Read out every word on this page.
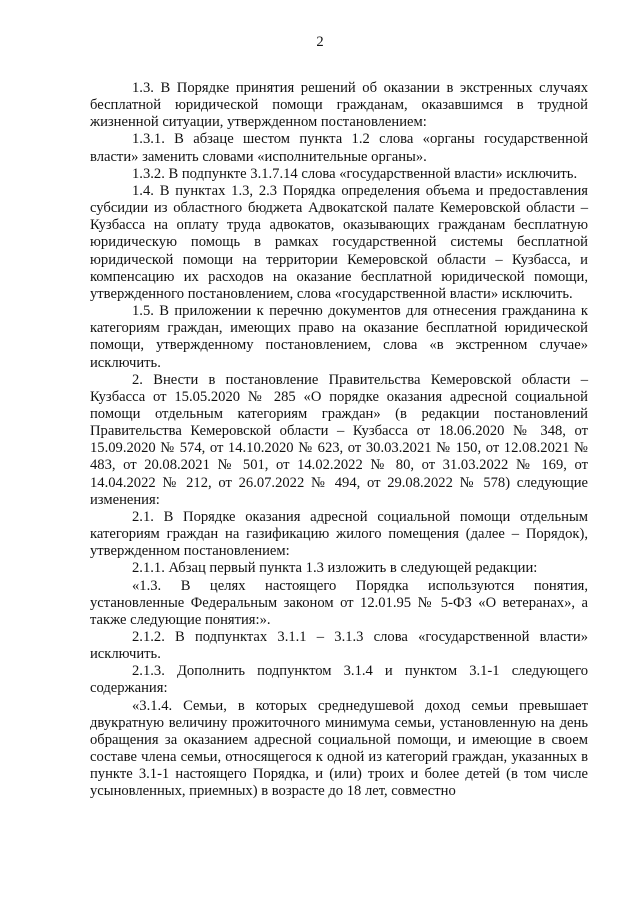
2

1.3. В Порядке принятия решений об оказании в экстренных случаях бесплатной юридической помощи гражданам, оказавшимся в трудной жизненной ситуации, утвержденном постановлением:

1.3.1. В абзаце шестом пункта 1.2 слова «органы государственной власти» заменить словами «исполнительные органы».

1.3.2. В подпункте 3.1.7.14 слова «государственной власти» исключить.

1.4. В пунктах 1.3, 2.3 Порядка определения объема и предоставления субсидии из областного бюджета Адвокатской палате Кемеровской области – Кузбасса на оплату труда адвокатов, оказывающих гражданам бесплатную юридическую помощь в рамках государственной системы бесплатной юридической помощи на территории Кемеровской области – Кузбасса, и компенсацию их расходов на оказание бесплатной юридической помощи, утвержденного постановлением, слова «государственной власти» исключить.

1.5. В приложении к перечню документов для отнесения гражданина к категориям граждан, имеющих право на оказание бесплатной юридической помощи, утвержденному постановлением, слова «в экстренном случае» исключить.

2. Внести в постановление Правительства Кемеровской области – Кузбасса от 15.05.2020 № 285 «О порядке оказания адресной социальной помощи отдельным категориям граждан» (в редакции постановлений Правительства Кемеровской области – Кузбасса от 18.06.2020 № 348, от 15.09.2020 № 574, от 14.10.2020 № 623, от 30.03.2021 № 150, от 12.08.2021 № 483, от 20.08.2021 № 501, от 14.02.2022 № 80, от 31.03.2022 № 169, от 14.04.2022 № 212, от 26.07.2022 № 494, от 29.08.2022 № 578) следующие изменения:

2.1. В Порядке оказания адресной социальной помощи отдельным категориям граждан на газификацию жилого помещения (далее – Порядок), утвержденном постановлением:

2.1.1. Абзац первый пункта 1.3 изложить в следующей редакции:

«1.3. В целях настоящего Порядка используются понятия, установленные Федеральным законом от 12.01.95 № 5-ФЗ «О ветеранах», а также следующие понятия:».

2.1.2. В подпунктах 3.1.1 – 3.1.3 слова «государственной власти» исключить.

2.1.3. Дополнить подпунктом 3.1.4 и пунктом 3.1-1 следующего содержания:

«3.1.4. Семьи, в которых среднедушевой доход семьи превышает двукратную величину прожиточного минимума семьи, установленную на день обращения за оказанием адресной социальной помощи, и имеющие в своем составе члена семьи, относящегося к одной из категорий граждан, указанных в пункте 3.1-1 настоящего Порядка, и (или) троих и более детей (в том числе усыновленных, приемных) в возрасте до 18 лет, совместно
